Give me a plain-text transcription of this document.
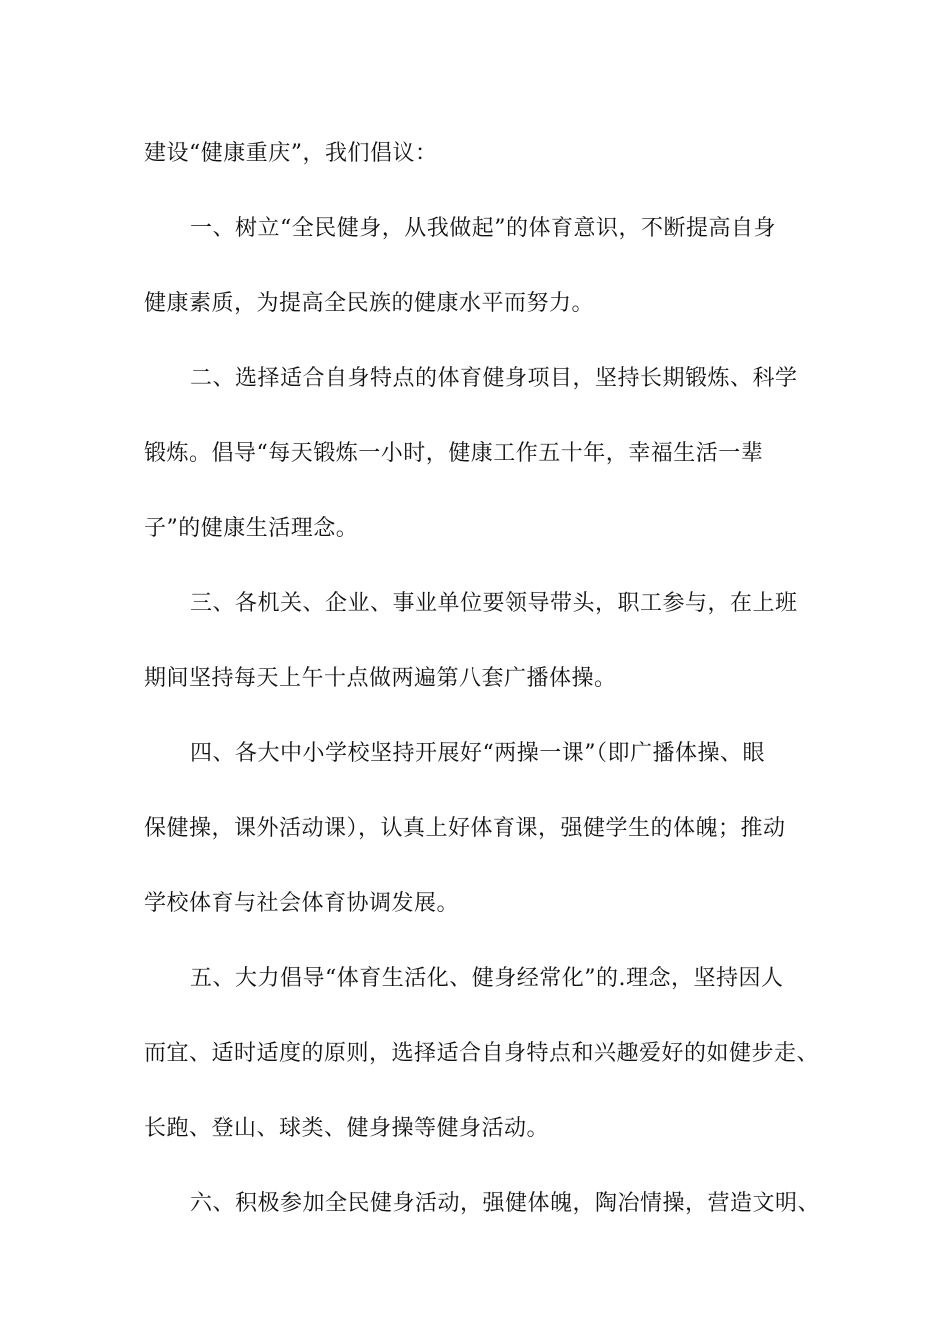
建设“健康重庆”，我们倡议：
一、树立“全民健身，从我做起”的体育意识，不断提高自身
健康素质，为提高全民族的健康水平而努力。
二、选择适合自身特点的体育健身项目，坚持长期锻炼、科学
锻炼。倡导“每天锻炼一小时，健康工作五十年，幸福生活一辈
子”的健康生活理念。
三、各机关、企业、事业单位要领导带头，职工参与，在上班
期间坚持每天上午十点做两遍第八套广播体操。
四、各大中小学校坚持开展好“两操一课”（即广播体操、眼
保健操，课外活动课），认真上好体育课，强健学生的体魄；推动
学校体育与社会体育协调发展。
五、大力倡导“体育生活化、健身经常化”的.理念，坚持因人
而宜、适时适度的原则，选择适合自身特点和兴趣爱好的如健步走、
长跑、登山、球类、健身操等健身活动。
六、积极参加全民健身活动，强健体魄，陶冶情操，营造文明、
